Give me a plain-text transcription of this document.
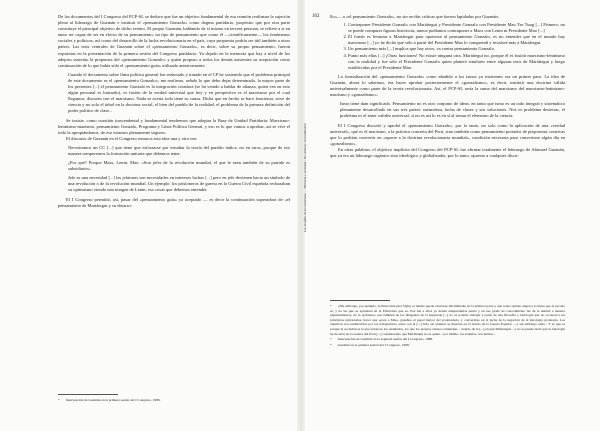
De los documentos del I Congreso del PCP-SL se deduce que fue un objetivo fundamental de esa reunión reafirmar la sujeción plena al liderazgo de Guzmán e instituir el «pensamiento Gonzalo» como dogma partidario, propósito que por otra parte constituye el principal objetivo de dicho evento. El propio Guzmán, hablando de sí mismo en tercera persona, se refiere a sí en tanto ser capaz de ser en efecto de su pensamiento, un tipo de pensamiento que como él —científicamente— los fenómenos sociales y políticos, así como del desarrollo de la lucha revolucionaria en el país, cuya propuesta podría ser útil también a otros países. Las tesis centrales de Guzmán sobre el «pensamiento Gonzalo», es decir, sobre su propio pensamiento, fueron expuestas en la presentación de la primera sesión del Congreso partidario. Ya dejado en la memoria que hay a nivel de los adeptos sustento la propuesta del «pensamiento Gonzalo» y quien propuso a todos los demás asistentes su aceptación como continuación de lo que había sido el «pensamiento guía» utilizado anteriormente.

Cuando el documento sobre línea política general fue redactado y tratado en el CP he sostenido que el problema principal de este documento es el «pensamiento Gonzalo»; me reafirmo, señalo lo que debo dejar determinado, la mayor parte de los presentes [...] el pensamiento Gonzalo es la integración creadora (se ha venido a hablar de alianza, quien vea en esto algún personal es bastardo), es fusión de la verdad universal que hoy y en perspectiva es el marxismo por el cual llegamos, discutes con el marxismo. Nada se acerta todo tiene su causa. Dicha que en hecho se hace funcionar, sirve de ciencia y no solo el árbol en la doctrina social, el bien del pueblo de la realidad, el problema de la primera definición del poder político de clase...

Se insiste, como cuestión trascendental y fundamental tendremos que adoptar la Base de Unidad Partidaria: Marxismo-leninismo-maoísmo, pensamiento Gonzalo, Programa y Línea Política General, y eso es lo que vamos a aprobar, así se vive el todo la apropiándonos, de eso estamos plenamente seguros.

El discurso de Guzmán en el Congreso remarca esta idea una y otra vez:

Necesitamos un CC [...] que tiene que esforzarse por estudiar la teoría del partido índica, no en otros, porque de eso manera romperemos la formación unitaria que debemos tener.

¿Por qué? Porque Marx, Lenin, Mao: «Son jefes de la revolución mundial, el que le sean también de su partido es subsidiario».

Jefe es una necesidad [...] las jefaturas son necesidades en intereses luchas [...] pero en jefe devienen hacia un símbolo de una revolución o de la revolución mundial. Un ejemplo: los prisioneros de guerra en la Guerra Civil española rechazaban su optimismo viendo una imagen de Lenin, eso cosas que debemos entender.

El I Congreso permitió, así, pasar del «pensamiento guía» ya aceptado — es decir la continuación superadora de «el pensamiento de Mariátegui y su desarro-

* Intervención de Guzmán en la primera sesión del I Congreso, 1988.
102
Los desafíos de la resistencia — Memoria y sociedad / No verdad y reconciliación

llo»— a «el pensamiento Gonzalo», no sin recibir críticas que fueron lapidadas por Guzmán:

1. Contraponer Presidente Gonzalo con Mariátegui y Presidente Gonzalo con Presidente Mao Tse Tung [...] Primero, no se puede comparar figuras históricas, nunca podíamos contraponer a Marx con Lenin ni Presidente Mao [...]
2. El fondo es levantar a Mariátegui para oponerse al pensamiento Gonzalo, es no entender que en el mundo hay marxismo [...] yo he dicho que sólo a partir del Presidente Mao lo comprendí y revaloré más a Mariátegui.
3. Un pensamiento más [...] implica que hay otros, va contra pensamiento Gonzalo.
4. Punto más ellas [...] ¡Otras funciones! No existe ninguna otra. Mariátegui no, porque él es fusión marxismo-leninismo con la realidad y fue sólo el Presidente Gonzalo quien planteó similares entre algunas tesis de Mariátegui y luego establecidas por el Presidente Mao.

La formalización del «pensamiento Gonzalo» como añadido a los ismos ya existentes era un primer paso. La idea de Guzmán, ahora lo sabemos, era hacer aprobar posteriormente el «gonzalismo», es decir, instituir una doctrina válida universalmente como parte de la teoría revolucionaria. Así, el PCP-SL sería la suma del marxismo del marxismo-leninismo-maoísmo y «gonzalismo»:

Ismo tiene dam significado. Pensamiento no es otro conjunto de ideas, en tanto que ismo es un todo integral y sistemático plenamente desarrollado en sus tres partes: naturaleza, lucha de clases y sus soluciones. Nos es problema desterrar, el problema es el tener validez universal, si no es así lo es en sí al tomar el elemento de la ciencia.

El I Congreso discutió y aprobó el «pensamiento Gonzalo», por lo tanto, no solo como la aplicación de una «verdad universal», que es el maoísmo, a la práctica concreta del Perú, sino también como pensamiento portador de propuestas creativas que lo podrían convertir en «aporte a la doctrina revolucionaria mundial», condición necesaria para convertirse algún día en «gonzalismo».

En otras palabras, el objetivo implícito del Congreso del PCP-SL fue afirmar totalmente el liderazgo de Abimael Guzmán, que ya era un liderazgo orgánico sino ideológico y globalizador, por lo tanto, opuesto a cualquier discu-

* «Sin embargo, por ejemplo, la Entrevista [del Siglo] el debate puede centrarse inicialmente en la primera parte y que todos opinan ungen a la ideas que el pecado es, y no las que se aprueben en la Entrevista que es. Ese fue a ellos ya deben emprenderlas punto y en ese grado de conocimiento las de la unidad a nuestra planteamientos, de la «jefatura» son también de los dirigentes de la izquierda [...] no es posible trabajar a partir de una filosofía o ideología que no reconozca los principios universales, hacer que «para a Mao» ganeños el papel mayor del proletariado, y convertirse en la lucha de la negación de la ideología proletaria. Los objetivos son establecidos por los trabajadores, estas con él [...] Sólo así quienes se mueven en el estado de la Guerra Popular —y sin embargo ellas... Y es que es porque la sociedad es la que entonces los resultados, los que los propios obreros entienden... cuando de la [...] en qué Mariátegui... y no se puede decir que la ideología ha de estar en la Guerra del Perú [...] considerando que Mariátegui no es quien... por último, los sentidos, nos hemos...

* Intervención de Guzmán en la segunda sesión del I Congreso, 1988.

* Guzmán en la primera sesión del I Congreso, 1988.
